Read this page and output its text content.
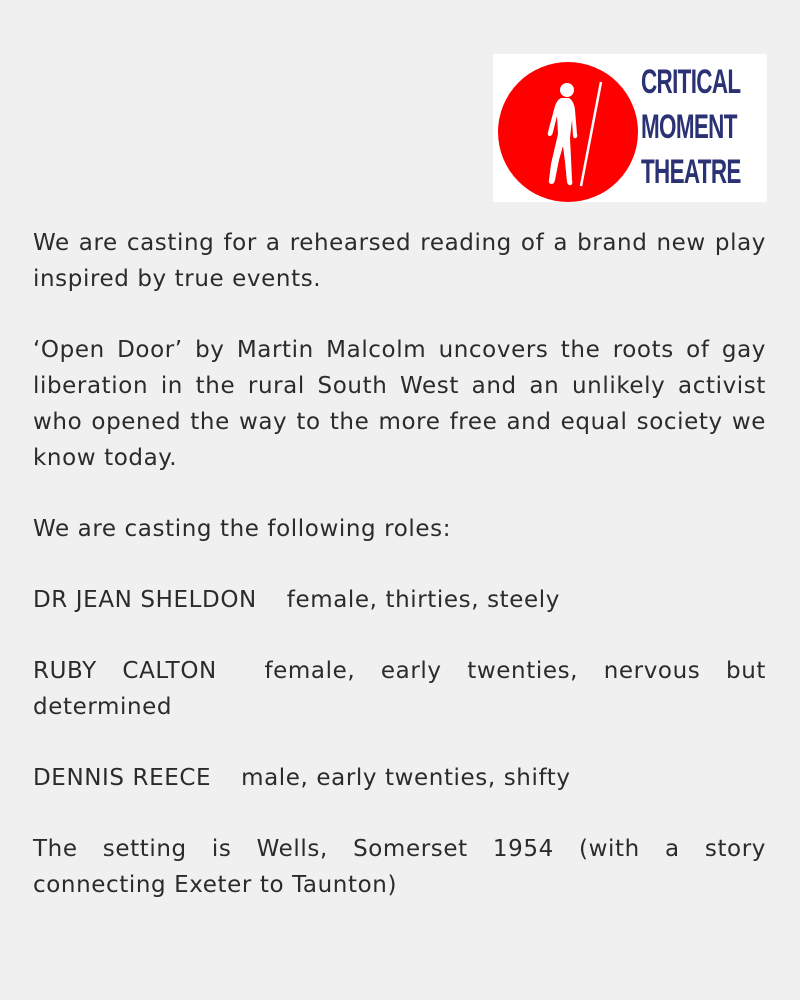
CRITICAL
MOMENT
THEATRE

We are casting for a rehearsed reading of a brand new play inspired by true events.

‘Open Door’ by Martin Malcolm uncovers the roots of gay liberation in the rural South West and an unlikely activist who opened the way to the more free and equal society we know today.

We are casting the following roles:

DR JEAN SHELDON female, thirties, steely

RUBY CALTON female, early twenties, nervous but determined

DENNIS REECE male, early twenties, shifty

The setting is Wells, Somerset 1954 (with a story connecting Exeter to Taunton)
